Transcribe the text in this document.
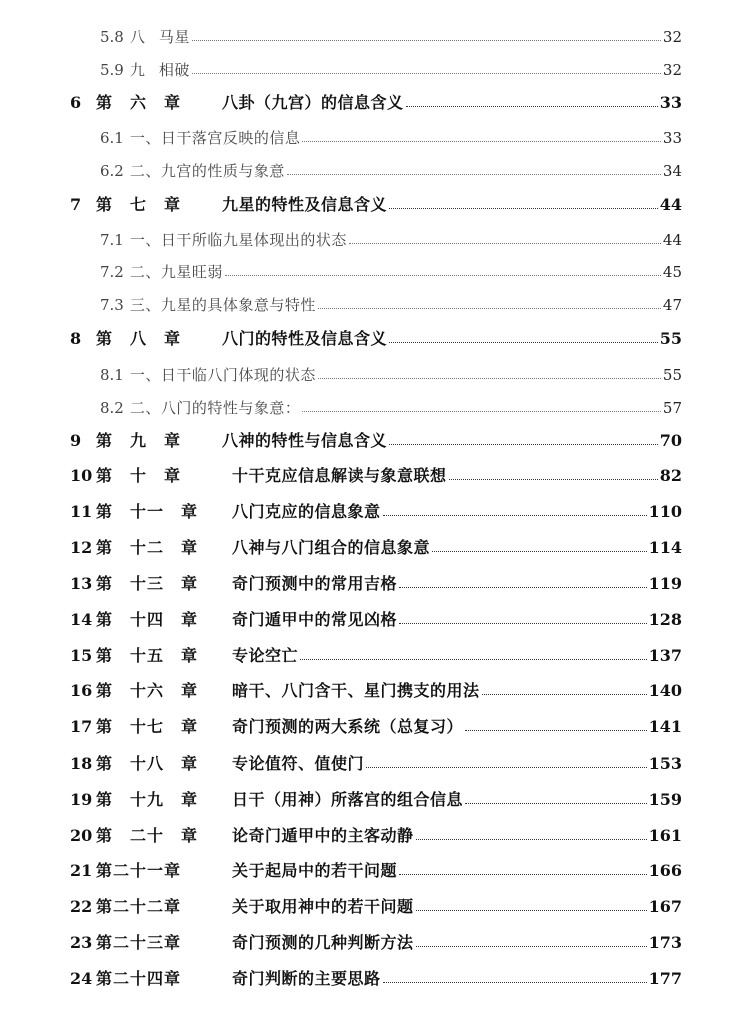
5.8 八 马星	32
5.9 九 相破	32
6 第　六　章	八卦（九宫）的信息含义	33
6.1 一、日干落宫反映的信息	33
6.2 二、九宫的性质与象意	34
7 第　七　章	九星的特性及信息含义	44
7.1 一、日干所临九星体现出的状态	44
7.2 二、九星旺弱	45
7.3 三、九星的具体象意与特性	47
8 第　八　章	八门的特性及信息含义	55
8.1 一、日干临八门体现的状态	55
8.2 二、八门的特性与象意：	57
9 第　九　章	八神的特性与信息含义	70
10 第　十　章	十干克应信息解读与象意联想	82
11 第　十一　章	八门克应的信息象意	110
12 第　十二　章	八神与八门组合的信息象意	114
13 第　十三　章	奇门预测中的常用吉格	119
14 第　十四　章	奇门遁甲中的常见凶格	128
15 第　十五　章	专论空亡	137
16 第　十六　章	暗干、八门含干、星门携支的用法	140
17 第　十七　章	奇门预测的两大系统（总复习）	141
18 第　十八　章	专论值符、值使门	153
19 第　十九　章	日干（用神）所落宫的组合信息	159
20 第　二十　章	论奇门遁甲中的主客动静	161
21 第二十一章	关于起局中的若干问题	166
22 第二十二章	关于取用神中的若干问题	167
23 第二十三章	奇门预测的几种判断方法	173
24 第二十四章	奇门判断的主要思路	177
